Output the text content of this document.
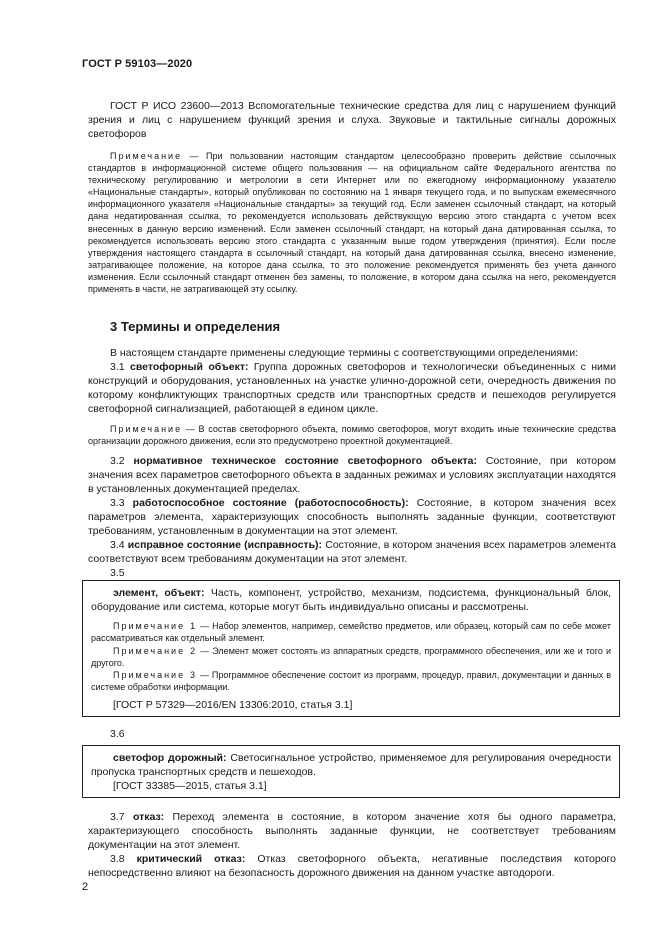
ГОСТ Р 59103—2020

ГОСТ Р ИСО 23600—2013 Вспомогательные технические средства для лиц с нарушением функций зрения и лиц с нарушением функций зрения и слуха. Звуковые и тактильные сигналы дорожных светофоров

Примечание — При пользовании настоящим стандартом целесообразно проверить действие ссылочных стандартов в информационной системе общего пользования — на официальном сайте Федерального агентства по техническому регулированию и метрологии в сети Интернет или по ежегодному информационному указателю «Национальные стандарты», который опубликован по состоянию на 1 января текущего года, и по выпускам ежемесячного информационного указателя «Национальные стандарты» за текущий год. Если заменен ссылочный стандарт, на который дана недатированная ссылка, то рекомендуется использовать действующую версию этого стандарта с учетом всех внесенных в данную версию изменений. Если заменен ссылочный стандарт, на который дана датированная ссылка, то рекомендуется использовать версию этого стандарта с указанным выше годом утверждения (принятия). Если после утверждения настоящего стандарта в ссылочный стандарт, на который дана датированная ссылка, внесено изменение, затрагивающее положение, на которое дана ссылка, то это положение рекомендуется применять без учета данного изменения. Если ссылочный стандарт отменен без замены, то положение, в котором дана ссылка на него, рекомендуется применять в части, не затрагивающей эту ссылку.

3 Термины и определения

В настоящем стандарте применены следующие термины с соответствующими определениями:

3.1 светофорный объект: Группа дорожных светофоров и технологически объединенных с ними конструкций и оборудования, установленных на участке улично-дорожной сети, очередность движения по которому конфликтующих транспортных средств или транспортных средств и пешеходов регулируется светофорной сигнализацией, работающей в едином цикле.

Примечание — В состав светофорного объекта, помимо светофоров, могут входить иные технические средства организации дорожного движения, если это предусмотрено проектной документацией.

3.2 нормативное техническое состояние светофорного объекта: Состояние, при котором значения всех параметров светофорного объекта в заданных режимах и условиях эксплуатации находятся в установленных документацией пределах.

3.3 работоспособное состояние (работоспособность): Состояние, в котором значения всех параметров элемента, характеризующих способность выполнять заданные функции, соответствуют требованиям, установленным в документации на этот элемент.

3.4 исправное состояние (исправность): Состояние, в котором значения всех параметров элемента соответствуют всем требованиям документации на этот элемент.

3.5

элемент, объект: Часть, компонент, устройство, механизм, подсистема, функциональный блок, оборудование или система, которые могут быть индивидуально описаны и рассмотрены.

Примечание 1 — Набор элементов, например, семейство предметов, или образец, который сам по себе может рассматриваться как отдельный элемент.

Примечание 2 — Элемент может состоять из аппаратных средств, программного обеспечения, или же и того и другого.

Примечание 3 — Программное обеспечение состоит из программ, процедур, правил, документации и данных в системе обработки информации.

[ГОСТ Р 57329—2016/EN 13306:2010, статья 3.1]

3.6

светофор дорожный: Светосигнальное устройство, применяемое для регулирования очередности пропуска транспортных средств и пешеходов.

[ГОСТ 33385—2015, статья 3.1]

3.7 отказ: Переход элемента в состояние, в котором значение хотя бы одного параметра, характеризующего способность выполнять заданные функции, не соответствует требованиям документации на этот элемент.

3.8 критический отказ: Отказ светофорного объекта, негативные последствия которого непосредственно влияют на безопасность дорожного движения на данном участке автодороги.

2
